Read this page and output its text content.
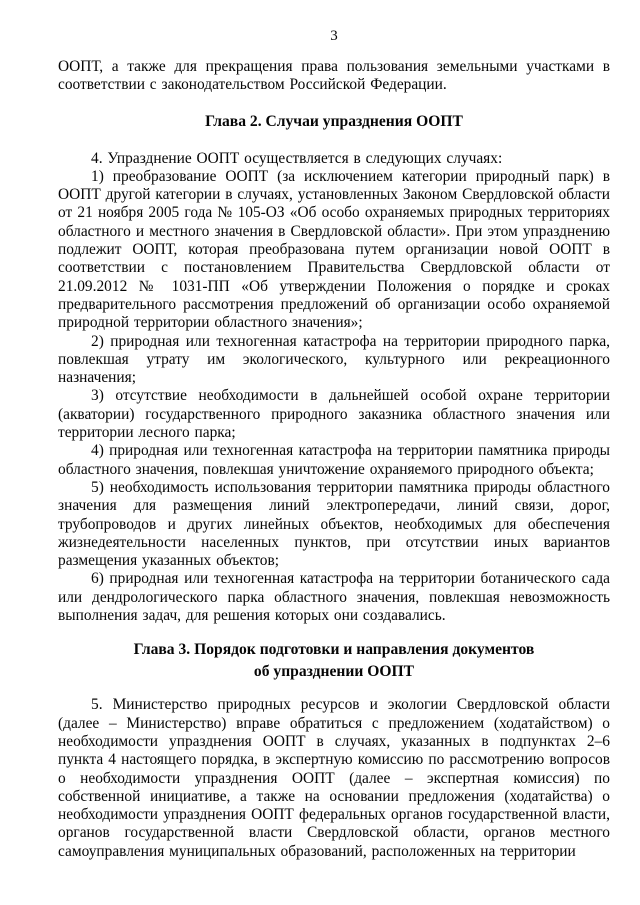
3

ООПТ, а также для прекращения права пользования земельными участками в соответствии с законодательством Российской Федерации.

Глава 2. Случаи упразднения ООПТ

4. Упразднение ООПТ осуществляется в следующих случаях:

1) преобразование ООПТ (за исключением категории природный парк) в ООПТ другой категории в случаях, установленных Законом Свердловской области от 21 ноября 2005 года № 105-ОЗ «Об особо охраняемых природных территориях областного и местного значения в Свердловской области». При этом упразднению подлежит ООПТ, которая преобразована путем организации новой ООПТ в соответствии с постановлением Правительства Свердловской области от 21.09.2012 № 1031-ПП «Об утверждении Положения о порядке и сроках предварительного рассмотрения предложений об организации особо охраняемой природной территории областного значения»;

2) природная или техногенная катастрофа на территории природного парка, повлекшая утрату им экологического, культурного или рекреационного назначения;

3) отсутствие необходимости в дальнейшей особой охране территории (акватории) государственного природного заказника областного значения или территории лесного парка;

4) природная или техногенная катастрофа на территории памятника природы областного значения, повлекшая уничтожение охраняемого природного объекта;

5) необходимость использования территории памятника природы областного значения для размещения линий электропередачи, линий связи, дорог, трубопроводов и других линейных объектов, необходимых для обеспечения жизнедеятельности населенных пунктов, при отсутствии иных вариантов размещения указанных объектов;

6) природная или техногенная катастрофа на территории ботанического сада или дендрологического парка областного значения, повлекшая невозможность выполнения задач, для решения которых они создавались.

Глава 3. Порядок подготовки и направления документов
об упразднении ООПТ

5. Министерство природных ресурсов и экологии Свердловской области (далее – Министерство) вправе обратиться с предложением (ходатайством) о необходимости упразднения ООПТ в случаях, указанных в подпунктах 2–6 пункта 4 настоящего порядка, в экспертную комиссию по рассмотрению вопросов о необходимости упразднения ООПТ (далее – экспертная комиссия) по собственной инициативе, а также на основании предложения (ходатайства) о необходимости упразднения ООПТ федеральных органов государственной власти, органов государственной власти Свердловской области, органов местного самоуправления муниципальных образований, расположенных на территории
